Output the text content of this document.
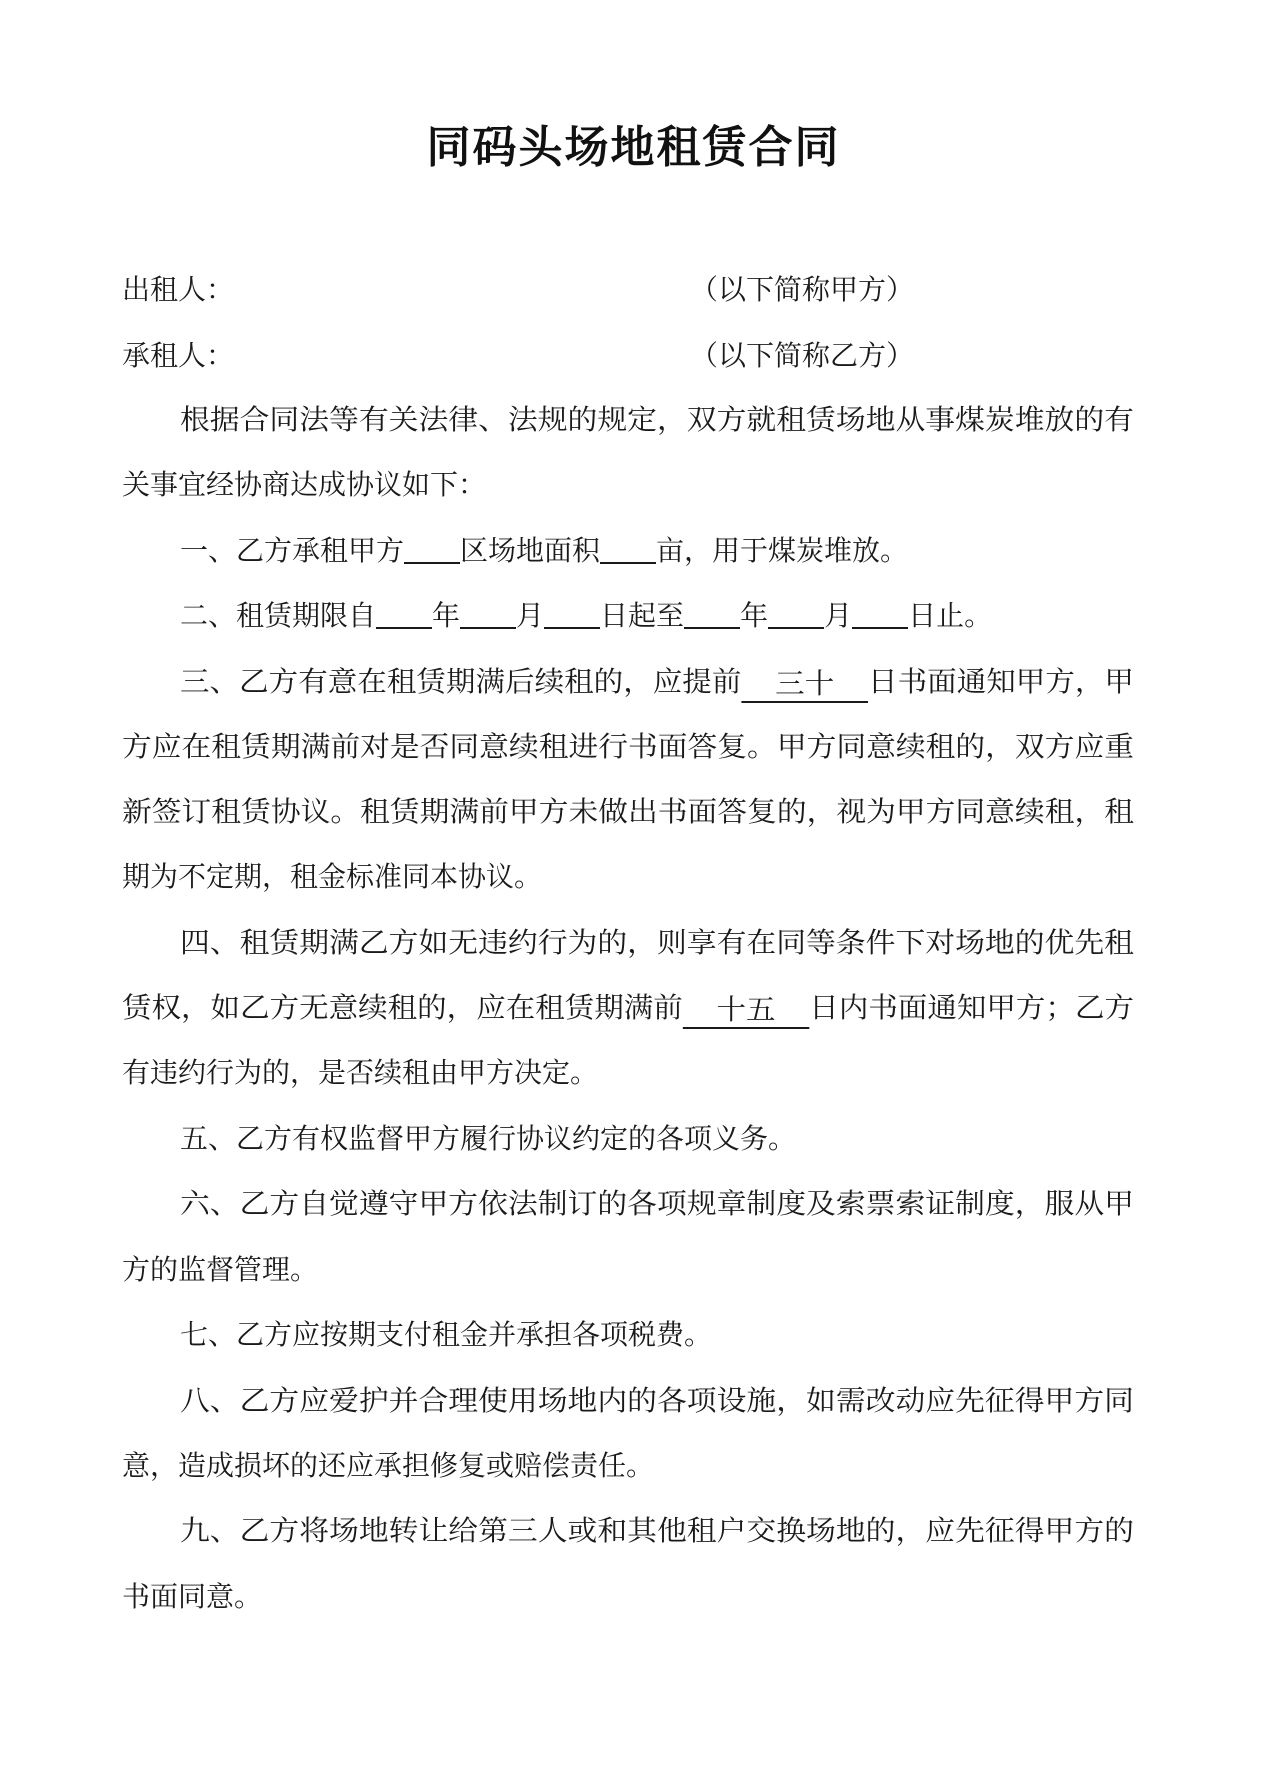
同码头场地租赁合同
出租人：	（以下简称甲方）
承租人：	（以下简称乙方）
根据合同法等有关法律、法规的规定，双方就租赁场地从事煤炭堆放的有
关事宜经协商达成协议如下：
一、乙方承租甲方 区场地面积 亩，用于煤炭堆放。
二、租赁期限自 年 月 日起至 年 月 日止。
三、乙方有意在租赁期满后续租的，应提前 三十 日书面通知甲方，甲
方应在租赁期满前对是否同意续租进行书面答复。甲方同意续租的，双方应重
新签订租赁协议。租赁期满前甲方未做出书面答复的，视为甲方同意续租，租
期为不定期，租金标准同本协议。
四、租赁期满乙方如无违约行为的，则享有在同等条件下对场地的优先租
赁权，如乙方无意续租的，应在租赁期满前 十五 日内书面通知甲方；乙方
有违约行为的，是否续租由甲方决定。
五、乙方有权监督甲方履行协议约定的各项义务。
六、乙方自觉遵守甲方依法制订的各项规章制度及索票索证制度，服从甲
方的监督管理。
七、乙方应按期支付租金并承担各项税费。
八、乙方应爱护并合理使用场地内的各项设施，如需改动应先征得甲方同
意，造成损坏的还应承担修复或赔偿责任。
九、乙方将场地转让给第三人或和其他租户交换场地的，应先征得甲方的
书面同意。
